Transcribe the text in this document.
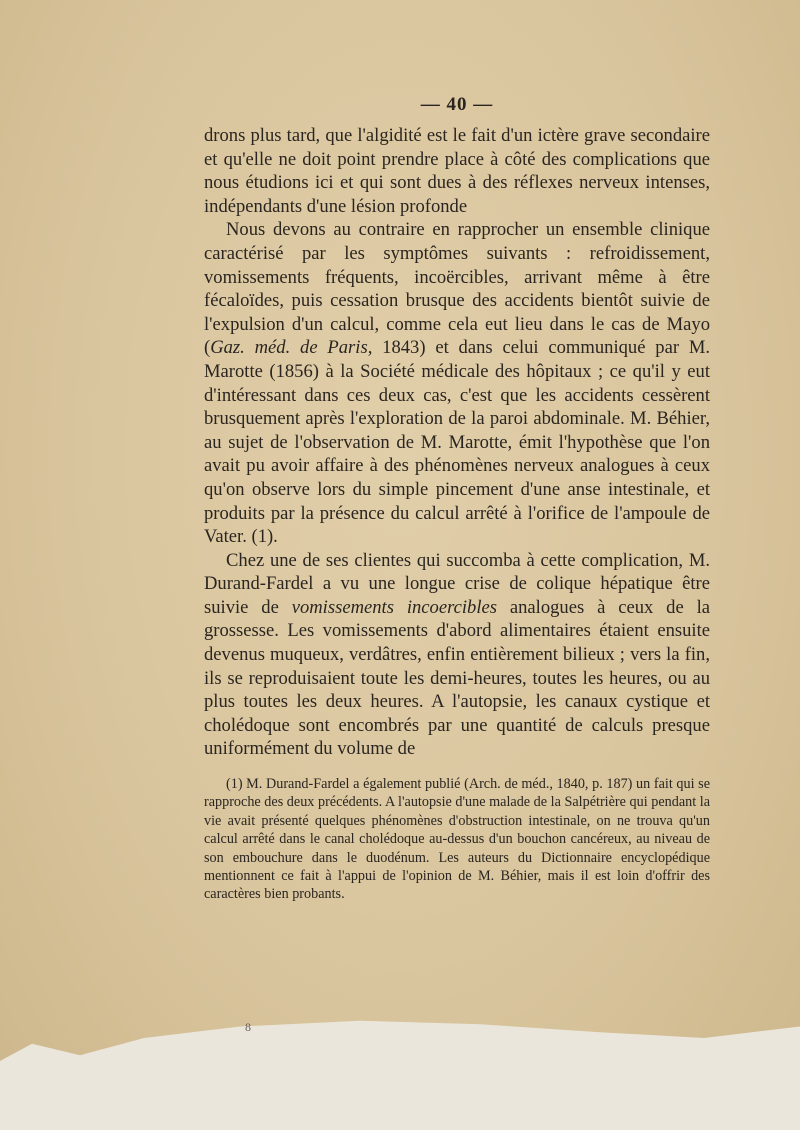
— 40 —

drons plus tard, que l'algidité est le fait d'un ictère grave secondaire et qu'elle ne doit point prendre place à côté des complications que nous étudions ici et qui sont dues à des réflexes nerveux intenses, indépendants d'une lésion profonde

Nous devons au contraire en rapprocher un ensemble clinique caractérisé par les symptômes suivants : refroidissement, vomissements fréquents, incoërcibles, arrivant même à être fécaloïdes, puis cessation brusque des accidents bientôt suivie de l'expulsion d'un calcul, comme cela eut lieu dans le cas de Mayo (Gaz. méd. de Paris, 1843) et dans celui communiqué par M. Marotte (1856) à la Société médicale des hôpitaux ; ce qu'il y eut d'intéressant dans ces deux cas, c'est que les accidents cessèrent brusquement après l'exploration de la paroi abdominale. M. Béhier, au sujet de l'observation de M. Marotte, émit l'hypothèse que l'on avait pu avoir affaire à des phénomènes nerveux analogues à ceux qu'on observe lors du simple pincement d'une anse intestinale, et produits par la présence du calcul arrêté à l'orifice de l'ampoule de Vater. (1).

Chez une de ses clientes qui succomba à cette complication, M. Durand-Fardel a vu une longue crise de colique hépatique être suivie de vomissements incoercibles analogues à ceux de la grossesse. Les vomissements d'abord alimentaires étaient ensuite devenus muqueux, verdâtres, enfin entièrement bilieux ; vers la fin, ils se reproduisaient toute les demi-heures, toutes les heures, ou au plus toutes les deux heures. A l'autopsie, les canaux cystique et cholédoque sont encombrés par une quantité de calculs presque uniformément du volume de

(1) M. Durand-Fardel a également publié (Arch. de méd., 1840, p. 187) un fait qui se rapproche des deux précédents. A l'autopsie d'une malade de la Salpétrière qui pendant la vie avait présenté quelques phénomènes d'obstruction intestinale, on ne trouva qu'un calcul arrêté dans le canal cholédoque au-dessus d'un bouchon cancéreux, au niveau de son embouchure dans le duodénum. Les auteurs du Dictionnaire encyclopédique mentionnent ce fait à l'appui de l'opinion de M. Béhier, mais il est loin d'offrir des caractères bien probants.

8
